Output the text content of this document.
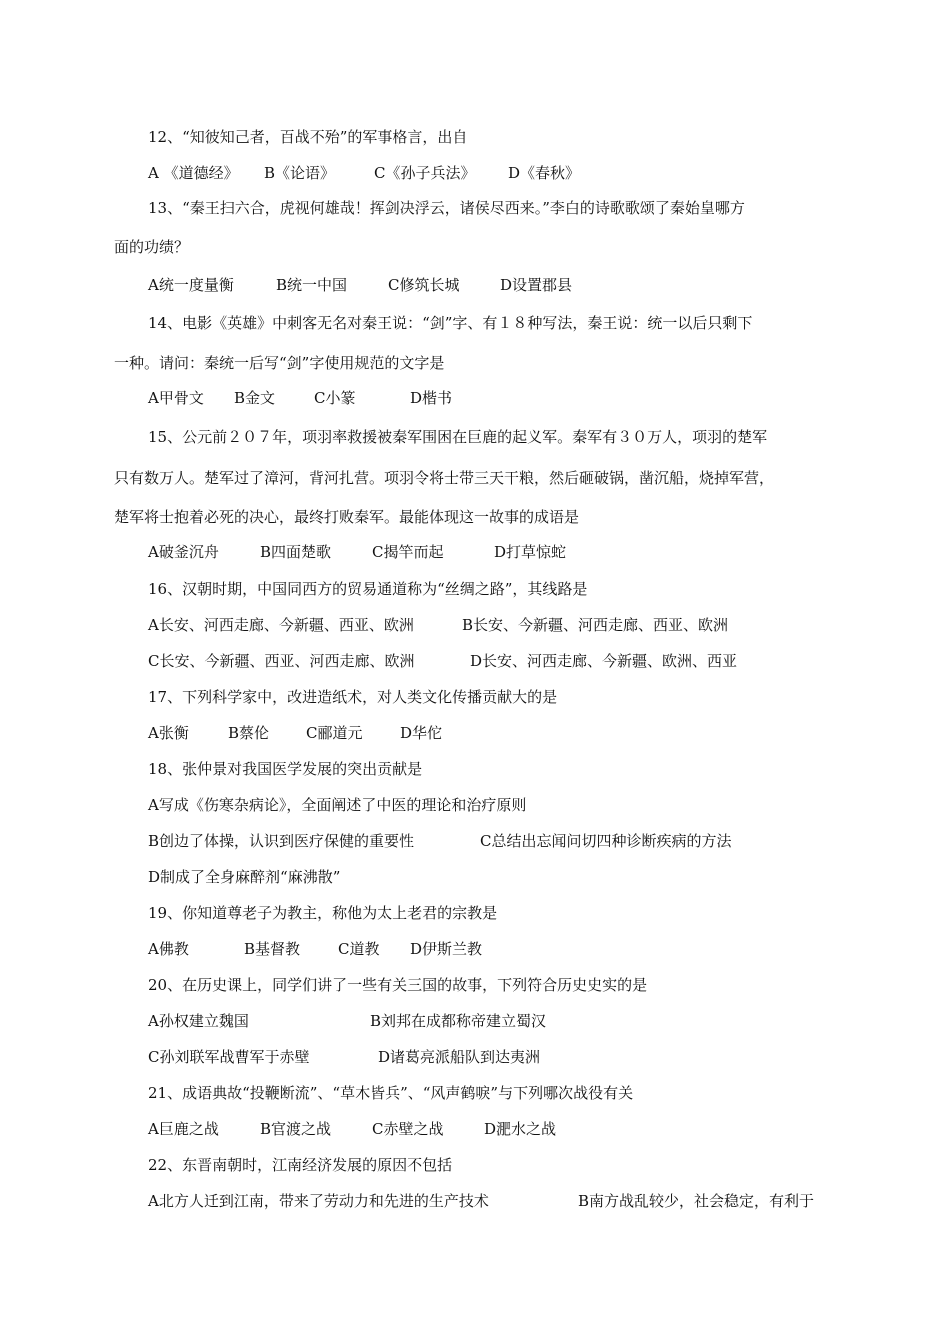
12、“知彼知己者，百战不殆”的军事格言，出自
A 《道德经》 B《论语》	C《孙子兵法》 D《春秋》
13、“秦王扫六合，虎视何雄哉！挥剑决浮云，诸侯尽西来。”李白的诗歌歌颂了秦始皇哪方
面的功绩？
A统一度量衡	B统一中国	C修筑长城	D设置郡县
14、电影《英雄》中刺客无名对秦王说：“剑”字、有１８种写法，秦王说：统一以后只剩下
一种。请问：秦统一后写“剑”字使用规范的文字是
A甲骨文 B金文	C小篆	D楷书
15、公元前２０７年，项羽率救援被秦军围困在巨鹿的起义军。秦军有３０万人，项羽的楚军
只有数万人。楚军过了漳河，背河扎营。项羽令将士带三天干粮，然后砸破锅，凿沉船，烧掉军营，
楚军将士抱着必死的决心，最终打败秦军。最能体现这一故事的成语是
A破釜沉舟	B四面楚歌	C揭竿而起	D打草惊蛇
16、汉朝时期，中国同西方的贸易通道称为“丝绸之路”，其线路是
A长安、河西走廊、今新疆、西亚、欧洲	B长安、今新疆、河西走廊、西亚、欧洲
C长安、今新疆、西亚、河西走廊、欧洲	D长安、河西走廊、今新疆、欧洲、西亚
17、下列科学家中，改进造纸术，对人类文化传播贡献大的是
A张衡	B蔡伦 C郦道元	D华佗
18、张仲景对我国医学发展的突出贡献是
A写成《伤寒杂病论》，全面阐述了中医的理论和治疗原则
B创边了体操，认识到医疗保健的重要性	C总结出忘闻问切四种诊断疾病的方法
D制成了全身麻醉剂“麻沸散”
19、你知道尊老子为教主，称他为太上老君的宗教是
A佛教	B基督教	C道教 D伊斯兰教
20、在历史课上，同学们讲了一些有关三国的故事，下列符合历史史实的是
A孙权建立魏国	B刘邦在成都称帝建立蜀汉
C孙刘联军战曹军于赤壁	D诸葛亮派船队到达夷洲
21、成语典故“投鞭断流”、“草木皆兵”、“风声鹤唳”与下列哪次战役有关
A巨鹿之战	B官渡之战	C赤壁之战	D淝水之战
22、东晋南朝时，江南经济发展的原因不包括
A北方人迁到江南，带来了劳动力和先进的生产技术	B南方战乱较少，社会稳定，有利于
